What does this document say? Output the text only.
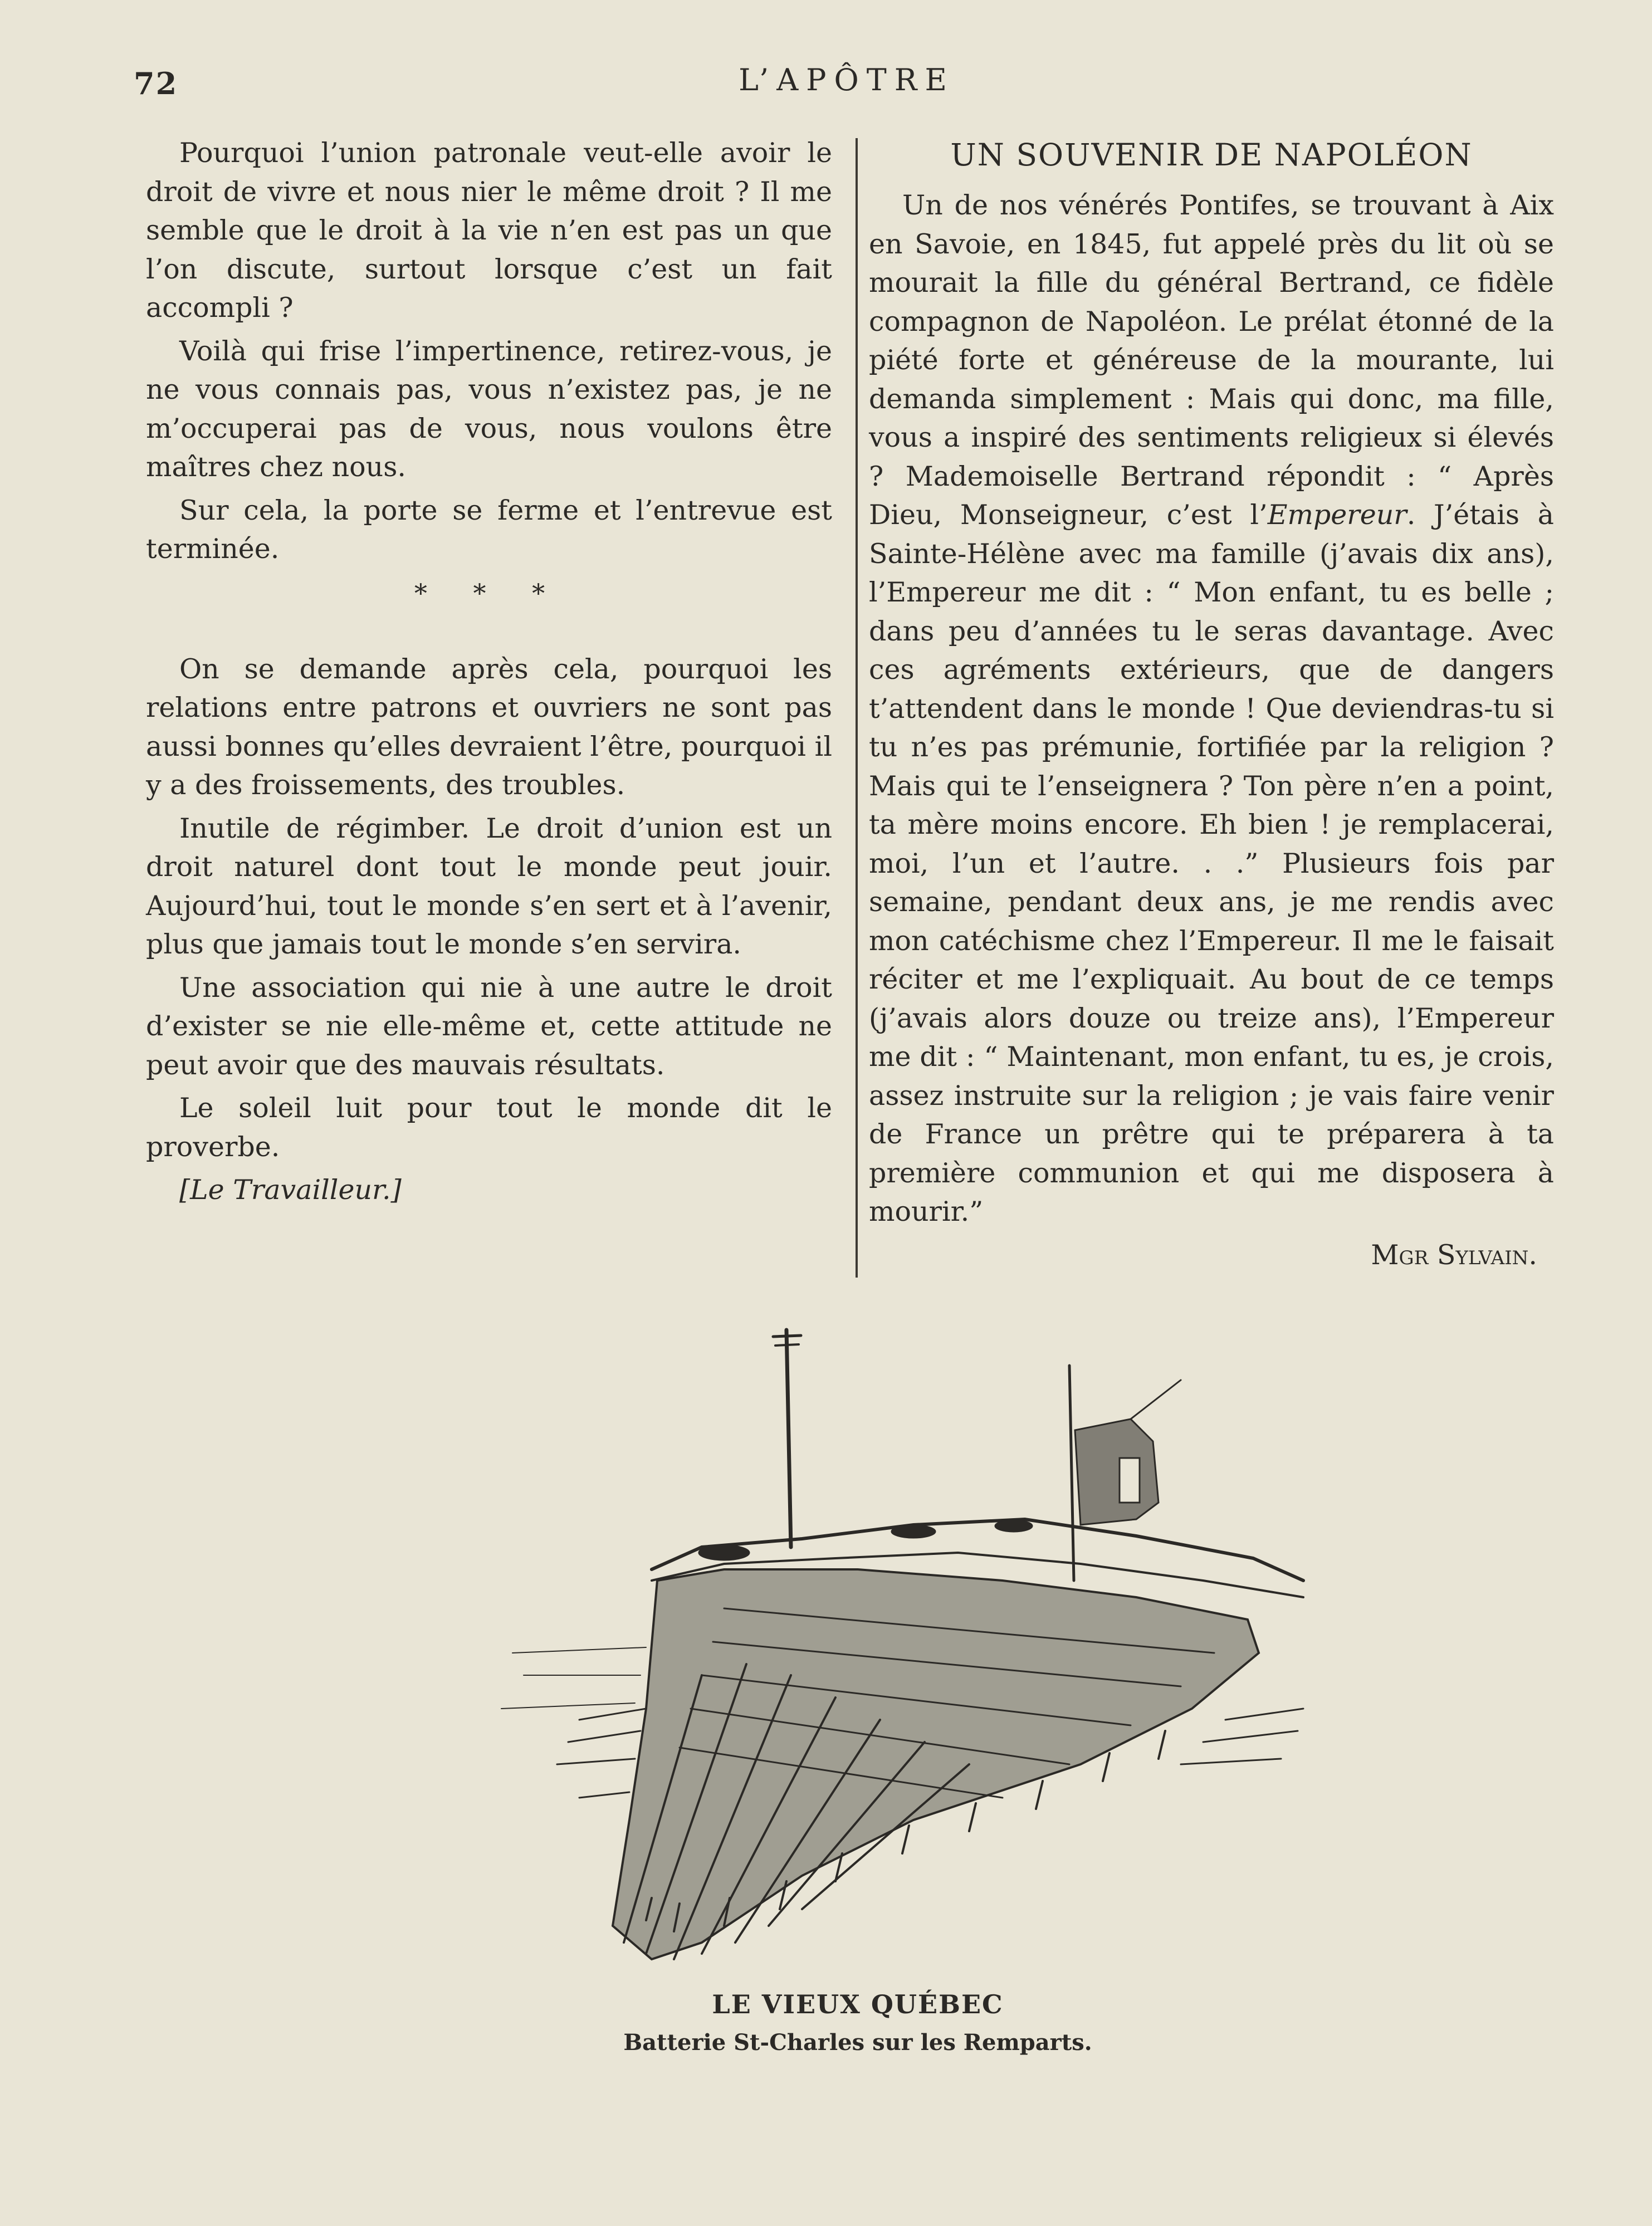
72	L’APÔTRE

Pourquoi l’union patronale veut-elle avoir le droit de vivre et nous nier le même droit ? Il me semble que le droit à la vie n’en est pas un que l’on discute, surtout lorsque c’est un fait accompli ?

Voilà qui frise l’impertinence, retirez-vous, je ne vous connais pas, vous n’existez pas, je ne m’occuperai pas de vous, nous voulons être maîtres chez nous.

Sur cela, la porte se ferme et l’entrevue est terminée.

* * *

On se demande après cela, pourquoi les relations entre patrons et ouvriers ne sont pas aussi bonnes qu’elles devraient l’être, pourquoi il y a des froissements, des troubles.

Inutile de régimber. Le droit d’union est un droit naturel dont tout le monde peut jouir. Aujourd’hui, tout le monde s’en sert et à l’avenir, plus que jamais tout le monde s’en servira.

Une association qui nie à une autre le droit d’exister se nie elle-même et, cette attitude ne peut avoir que des mauvais résultats.

Le soleil luit pour tout le monde dit le proverbe.

[Le Travailleur.]

UN SOUVENIR DE NAPOLÉON

Un de nos vénérés Pontifes, se trouvant à Aix en Savoie, en 1845, fut appelé près du lit où se mourait la fille du général Bertrand, ce fidèle compagnon de Napoléon. Le prélat étonné de la piété forte et généreuse de la mourante, lui demanda simplement : Mais qui donc, ma fille, vous a inspiré des sentiments religieux si élevés ? Mademoiselle Bertrand répondit : “ Après Dieu, Monseigneur, c’est l’Empereur. J’étais à Sainte-Hélène avec ma famille (j’avais dix ans), l’Empereur me dit : “ Mon enfant, tu es belle ; dans peu d’années tu le seras davantage. Avec ces agréments extérieurs, que de dangers t’attendent dans le monde ! Que deviendras-tu si tu n’es pas prémunie, fortifiée par la religion ? Mais qui te l’enseignera ? Ton père n’en a point, ta mère moins encore. Eh bien ! je remplacerai, moi, l’un et l’autre. . .” Plusieurs fois par semaine, pendant deux ans, je me rendis avec mon catéchisme chez l’Empereur. Il me le faisait réciter et me l’expliquait. Au bout de ce temps (j’avais alors douze ou treize ans), l’Empereur me dit : “ Maintenant, mon enfant, tu es, je crois, assez instruite sur la religion ; je vais faire venir de France un prêtre qui te préparera à ta première communion et qui me disposera à mourir.”

Mgr Sylvain.
LE VIEUX QUÉBEC
Batterie St-Charles sur les Remparts.
